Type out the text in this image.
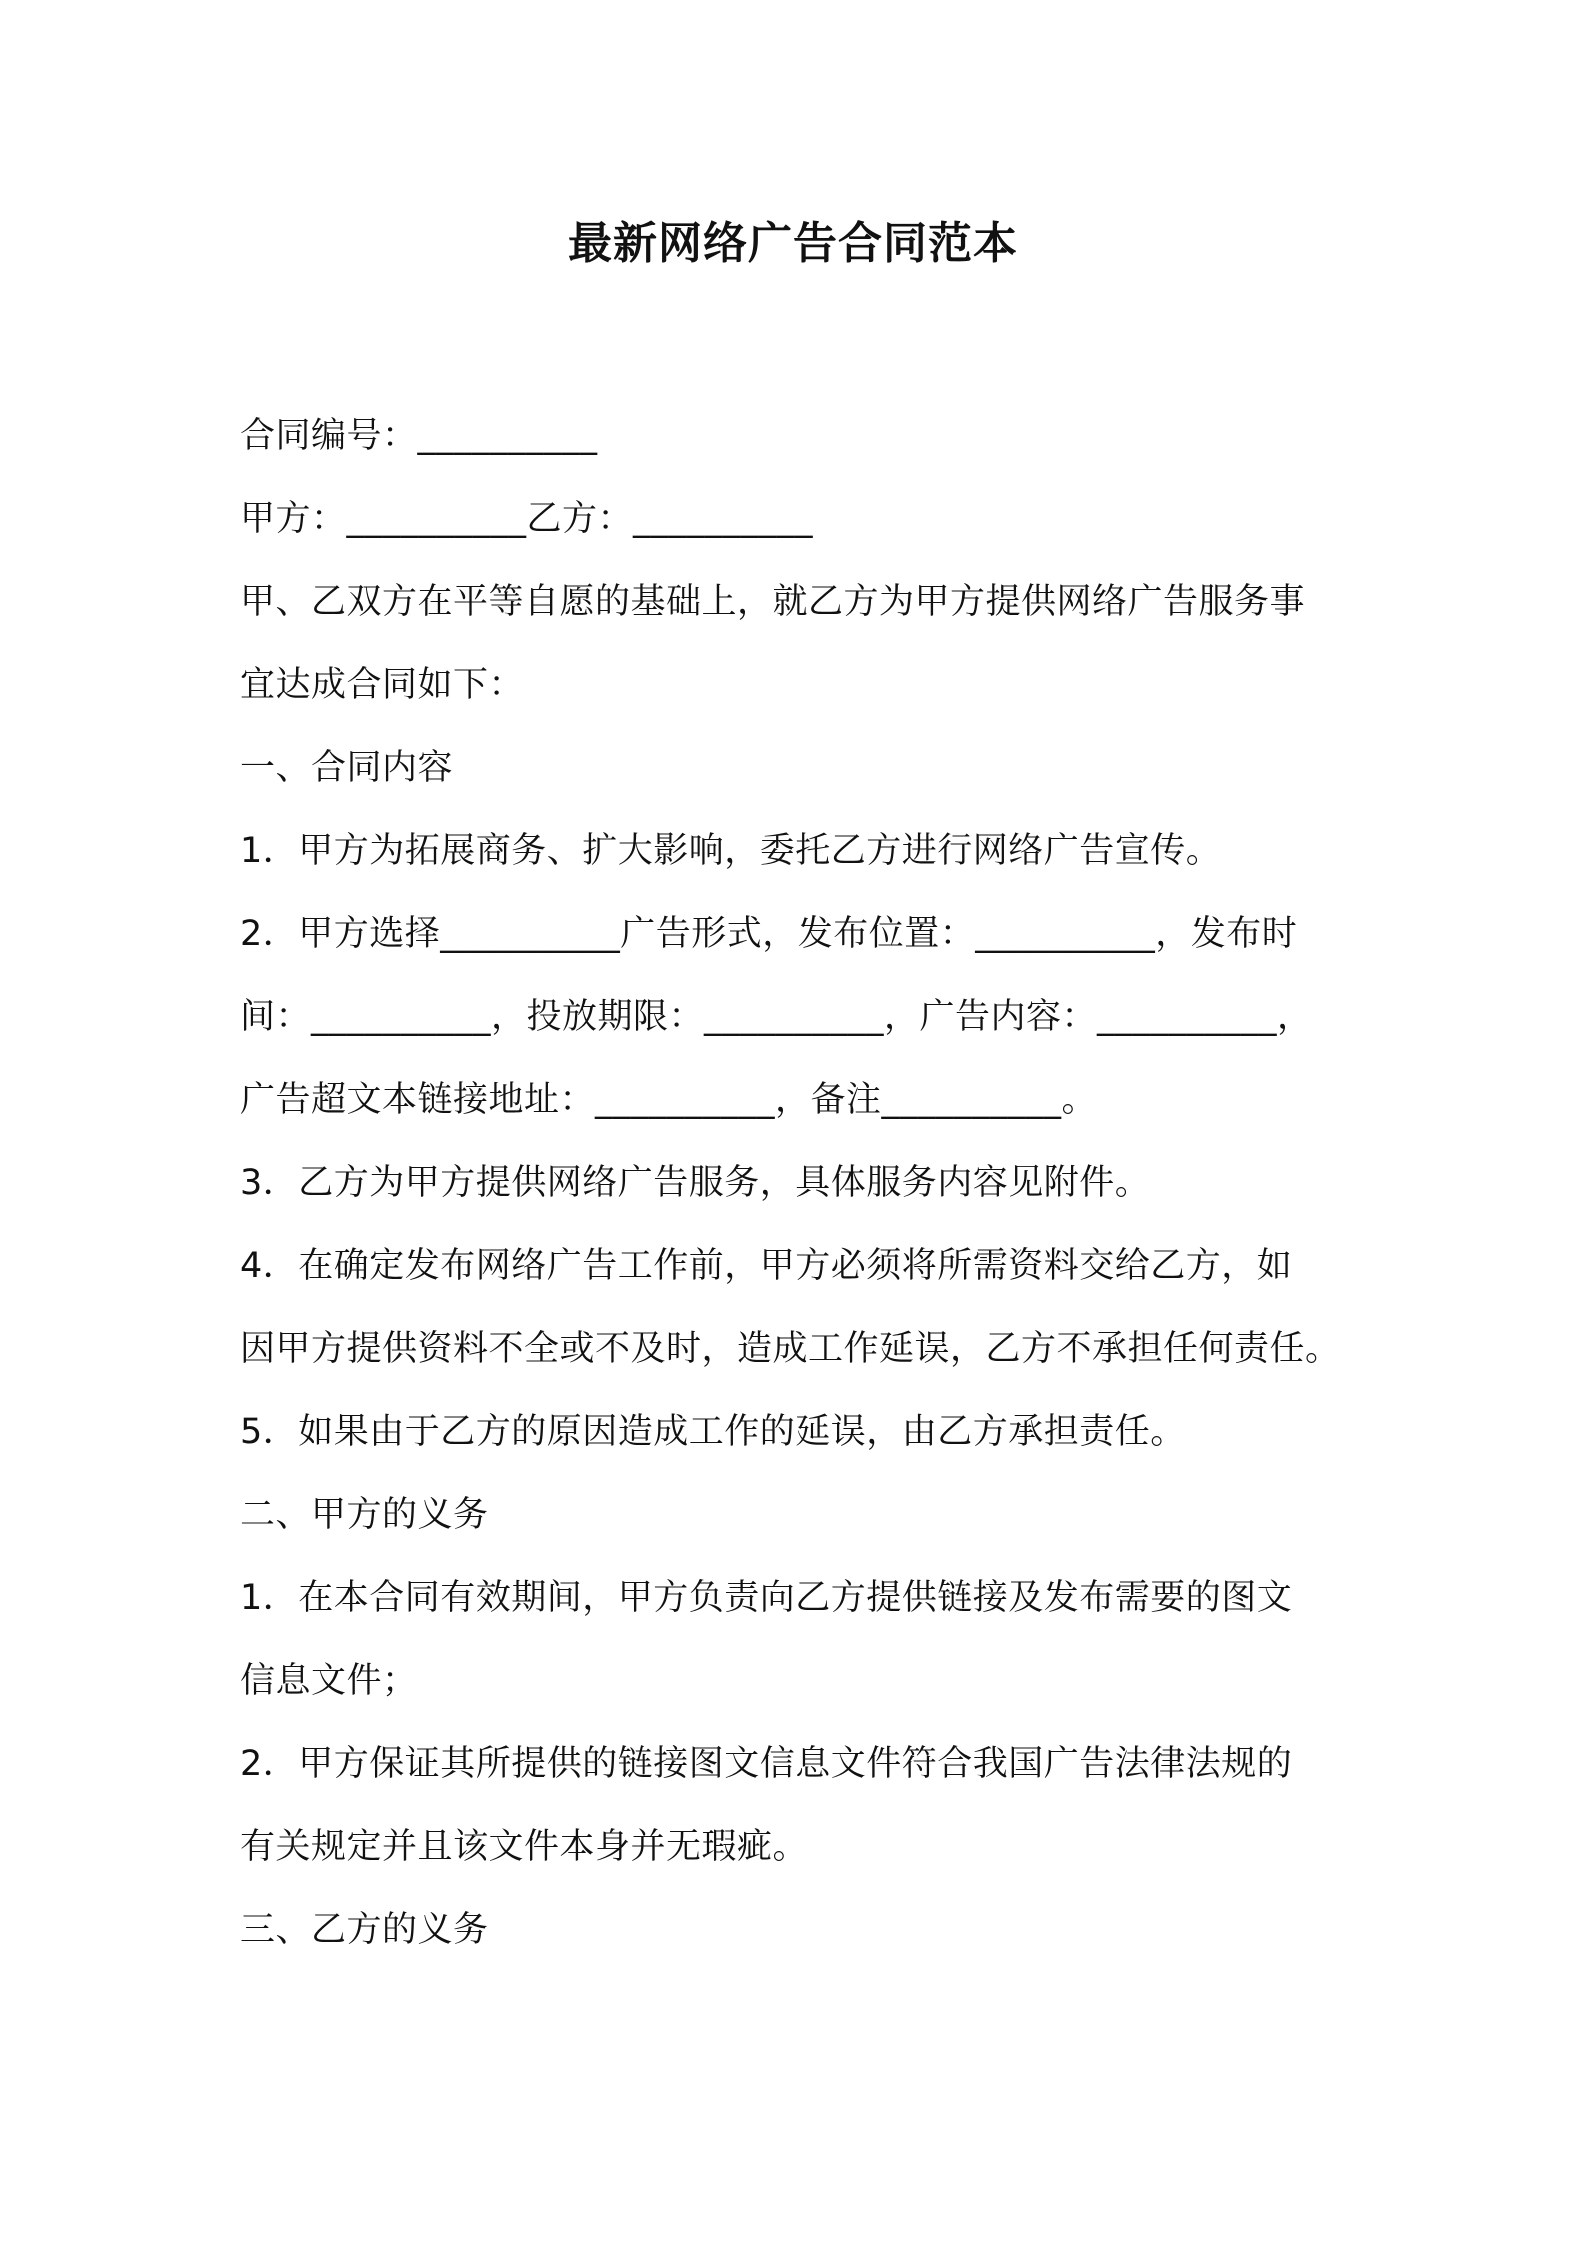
最新网络广告合同范本
合同编号：__________
甲方：__________乙方：__________
甲、乙双方在平等自愿的基础上，就乙方为甲方提供网络广告服务事
宜达成合同如下：
一、合同内容
1．甲方为拓展商务、扩大影响，委托乙方进行网络广告宣传。
2．甲方选择__________广告形式，发布位置：__________，发布时
间：__________，投放期限：__________，广告内容：__________，
广告超文本链接地址：__________，备注__________。
3．乙方为甲方提供网络广告服务，具体服务内容见附件。
4．在确定发布网络广告工作前，甲方必须将所需资料交给乙方，如
因甲方提供资料不全或不及时，造成工作延误，乙方不承担任何责任。
5．如果由于乙方的原因造成工作的延误，由乙方承担责任。
二、甲方的义务
1．在本合同有效期间，甲方负责向乙方提供链接及发布需要的图文
信息文件；
2．甲方保证其所提供的链接图文信息文件符合我国广告法律法规的
有关规定并且该文件本身并无瑕疵。
三、乙方的义务
